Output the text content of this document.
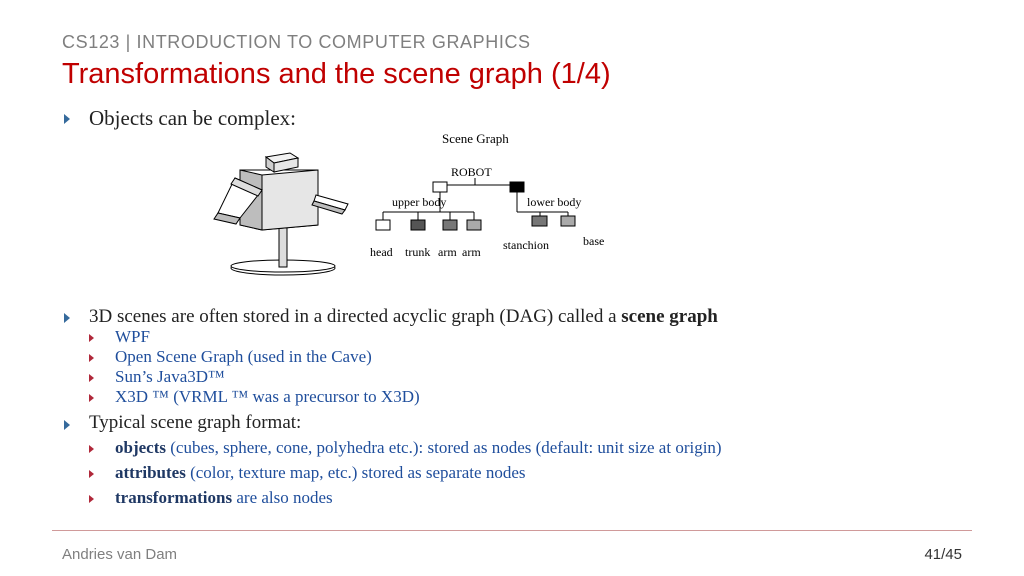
CS123 | INTRODUCTION TO COMPUTER GRAPHICS
Transformations and the scene graph (1/4)
Objects can be complex:
Scene Graph
ROBOT
upper body	lower body
head trunk arm arm stanchion	base
3D scenes are often stored in a directed acyclic graph (DAG) called a scene graph
WPF
Open Scene Graph (used in the Cave)
Sun’s Java3D™
X3D ™ (VRML ™ was a precursor to X3D)
Typical scene graph format:
objects (cubes, sphere, cone, polyhedra etc.): stored as nodes (default: unit size at origin)
attributes (color, texture map, etc.) stored as separate nodes
transformations are also nodes
Andries van Dam	41/45
